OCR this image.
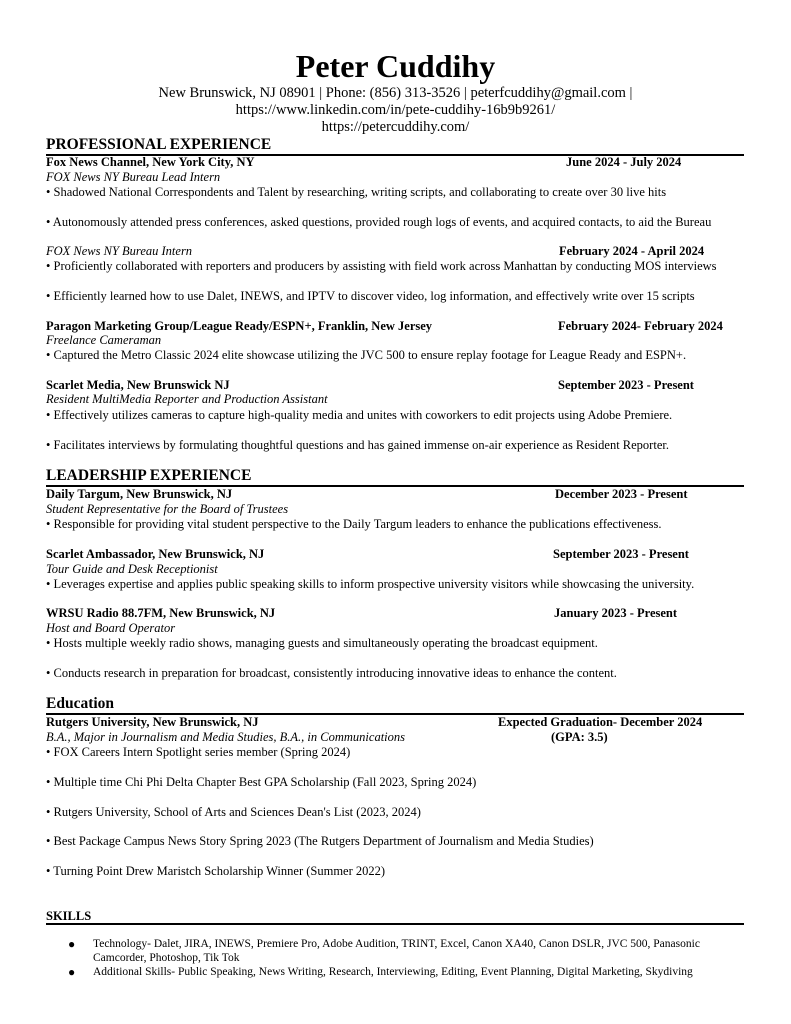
Peter Cuddihy
New Brunswick, NJ 08901 | Phone: (856) 313-3526 | peterfcuddihy@gmail.com |
https://www.linkedin.com/in/pete-cuddihy-16b9b9261/
https://petercuddihy.com/
PROFESSIONAL EXPERIENCE
Fox News Channel, New York City, NY	June 2024 - July 2024
FOX News NY Bureau Lead Intern
• Shadowed National Correspondents and Talent by researching, writing scripts, and collaborating to create over 30 live hits
• Autonomously attended press conferences, asked questions, provided rough logs of events, and acquired contacts, to aid the Bureau
FOX News NY Bureau Intern	February 2024 - April 2024
• Proficiently collaborated with reporters and producers by assisting with field work across Manhattan by conducting MOS interviews
• Efficiently learned how to use Dalet, INEWS, and IPTV to discover video, log information, and effectively write over 15 scripts
Paragon Marketing Group/League Ready/ESPN+, Franklin, New Jersey	February 2024- February 2024
Freelance Cameraman
• Captured the Metro Classic 2024 elite showcase utilizing the JVC 500 to ensure replay footage for League Ready and ESPN+.
Scarlet Media, New Brunswick NJ	September 2023 - Present
Resident MultiMedia Reporter and Production Assistant
• Effectively utilizes cameras to capture high-quality media and unites with coworkers to edit projects using Adobe Premiere.
• Facilitates interviews by formulating thoughtful questions and has gained immense on-air experience as Resident Reporter.
LEADERSHIP EXPERIENCE
Daily Targum, New Brunswick, NJ	December 2023 - Present
Student Representative for the Board of Trustees
• Responsible for providing vital student perspective to the Daily Targum leaders to enhance the publications effectiveness.
Scarlet Ambassador, New Brunswick, NJ	September 2023 - Present
Tour Guide and Desk Receptionist
• Leverages expertise and applies public speaking skills to inform prospective university visitors while showcasing the university.
WRSU Radio 88.7FM, New Brunswick, NJ	January 2023 - Present
Host and Board Operator
• Hosts multiple weekly radio shows, managing guests and simultaneously operating the broadcast equipment.
• Conducts research in preparation for broadcast, consistently introducing innovative ideas to enhance the content.
Education
Rutgers University, New Brunswick, NJ	Expected Graduation- December 2024
B.A., Major in Journalism and Media Studies, B.A., in Communications	(GPA: 3.5)
• FOX Careers Intern Spotlight series member (Spring 2024)
• Multiple time Chi Phi Delta Chapter Best GPA Scholarship (Fall 2023, Spring 2024)
• Rutgers University, School of Arts and Sciences Dean's List (2023, 2024)
• Best Package Campus News Story Spring 2023 (The Rutgers Department of Journalism and Media Studies)
• Turning Point Drew Maristch Scholarship Winner (Summer 2022)
SKILLS
● Technology- Dalet, JIRA, INEWS, Premiere Pro, Adobe Audition, TRINT, Excel, Canon XA40, Canon DSLR, JVC 500, Panasonic Camcorder, Photoshop, Tik Tok
● Additional Skills- Public Speaking, News Writing, Research, Interviewing, Editing, Event Planning, Digital Marketing, Skydiving
